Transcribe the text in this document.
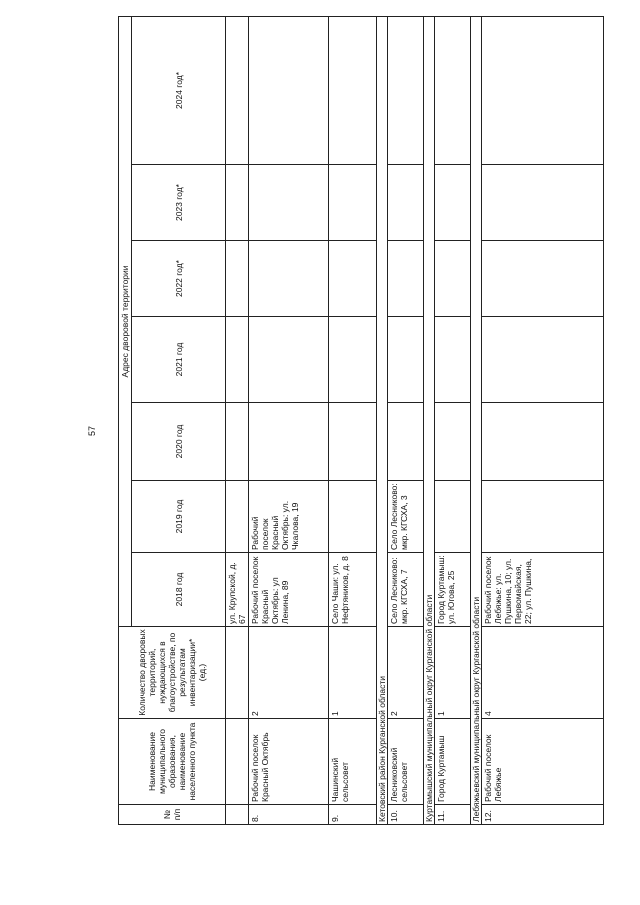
57
№ п/п	Наименование муниципального образования, наименование населенного пункта	Количество дворовых территорий, нуждающихся в благоустройстве, по результатам инвентаризации* (ед.)	Адрес дворовой территории						
			2018 год	2019 год	2020 год	2021 год	2022 год*	2023 год*	2024 год*
			ул. Крупской, д. 67						
8.	Рабочий поселок Красный Октябрь	2	Рабочий поселок Красный Октябрь: ул Ленина, 89	Рабочий поселок Красный Октябрь: ул. Чкалова, 19					
9.	Чашинский сельсовет	1	Село Чаши: ул. Нефтяников, д. 8						
Кетовский район Курганской области									
10.	Лесниковский сельсовет	2	Село Лесниково: мкр. КГСХА, 7	Село Лесниково: мкр. КГСХА, 3					
Куртамышский муниципальный округ Курганской области									
11.	Город Куртамыш	1	Город Куртамыш: ул. Югова, 25						
Лебяжьевский муниципальный округ Курганской области									
12.	Рабочий поселок Лебяжье	4	Рабочий поселок Лебяжье: ул. Пушкина, 10; ул. Первомайская, 22; ул. Пушкина,						
